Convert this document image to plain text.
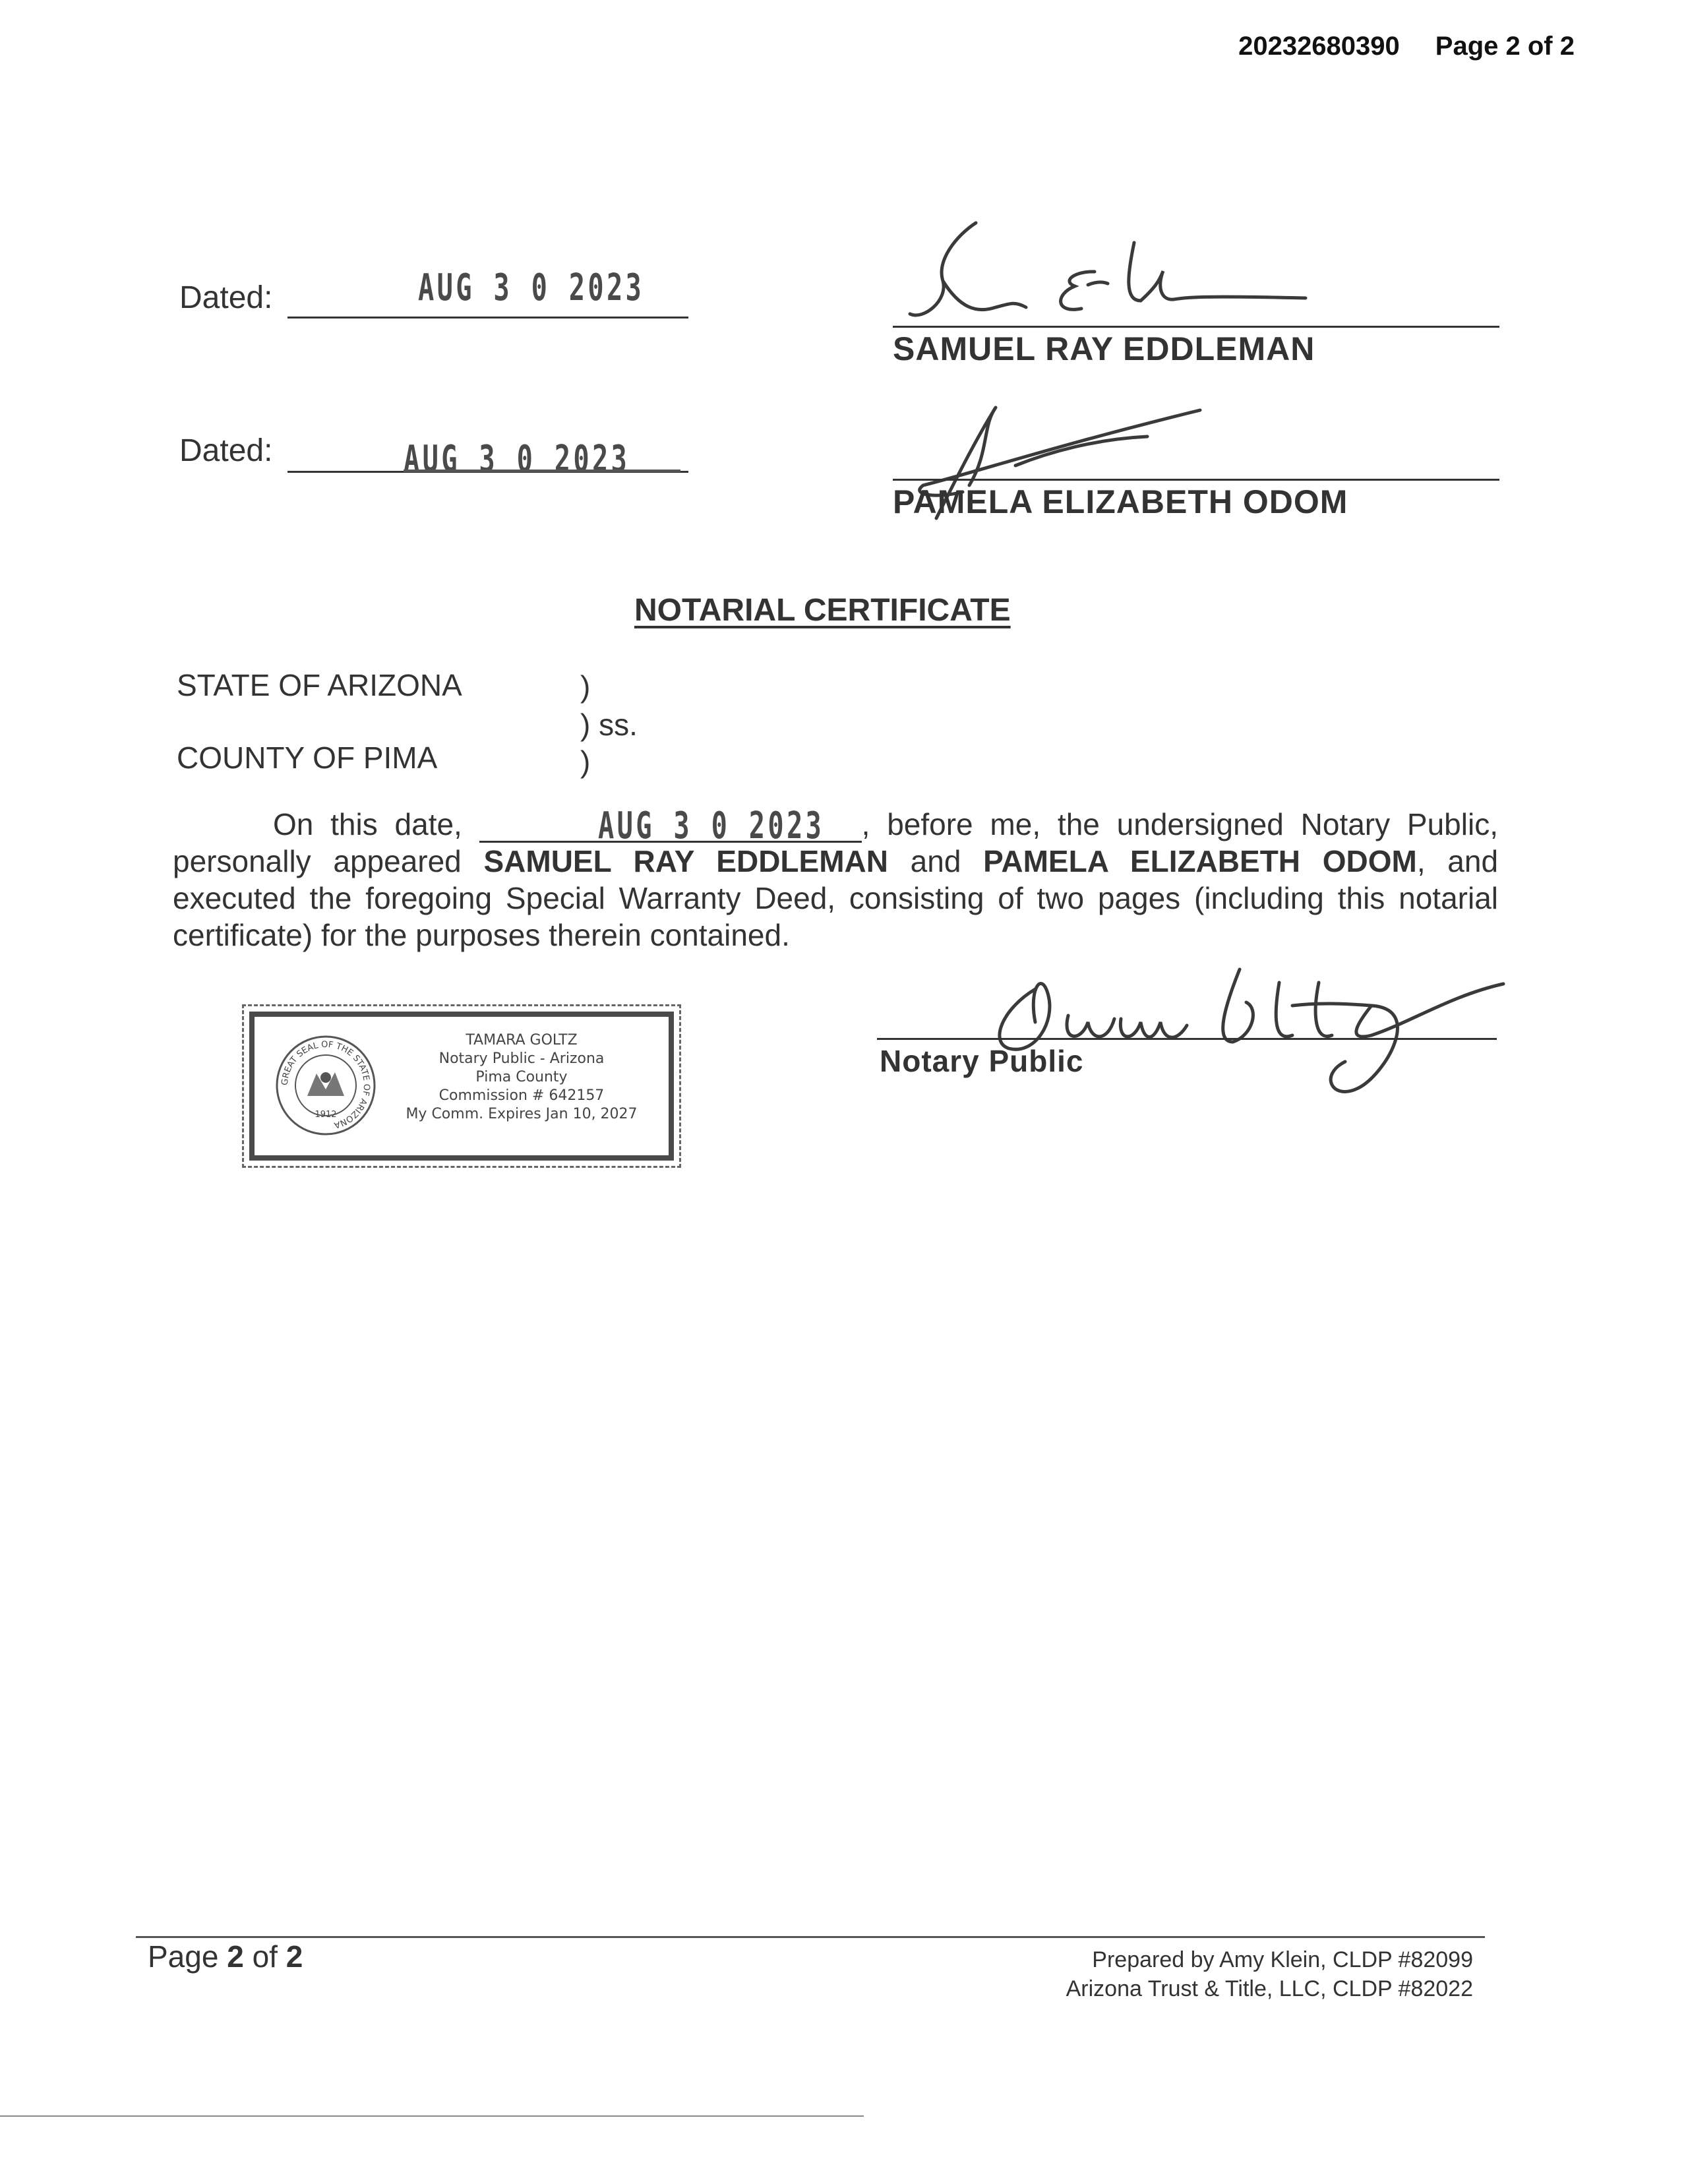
20232680390 Page 2 of 2
Dated:	AUG 3 0 2023
SAMUEL RAY EDDLEMAN
Dated:	AUG 3 0 2023
PAMELA ELIZABETH ODOM
NOTARIAL CERTIFICATE
STATE OF ARIZONA	)
) ss.
COUNTY OF PIMA	)
On this date,	AUG 3 0 2023 , before me, the undersigned Notary Public, personally appeared SAMUEL RAY EDDLEMAN and PAMELA ELIZABETH ODOM, and executed the foregoing Special Warranty Deed, consisting of two pages (including this notarial certificate) for the purposes therein contained.
Notary Public
GREAT SEAL OF THE STATE OF ARIZONA
1912
TAMARA GOLTZ
Notary Public - Arizona
Pima County
Commission # 642157
My Comm. Expires Jan 10, 2027
Page 2 of 2	Prepared by Amy Klein, CLDP #82099
Arizona Trust & Title, LLC, CLDP #82022
